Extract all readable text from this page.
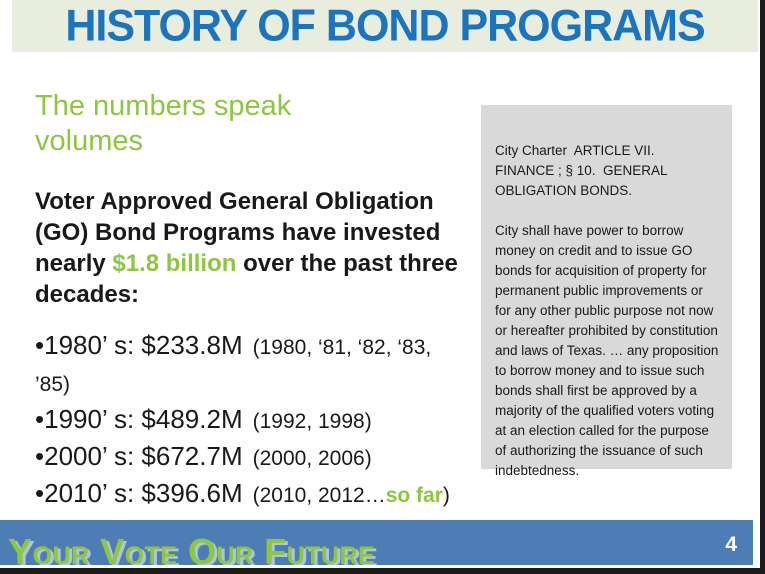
HISTORY OF BOND PROGRAMS
The numbers speak volumes
Voter Approved General Obligation
(GO) Bond Programs have invested
nearly $1.8 billion over the past three
decades:
•1980’ s: $233.8M (1980, ‘81, ‘82, ‘83, ’85)
•1990’ s: $489.2M (1992, 1998)
•2000’ s: $672.7M (2000, 2006)
•2010’ s: $396.6M (2010, 2012…so far)

City Charter  ARTICLE VII.  FINANCE ; § 10.  GENERAL OBLIGATION BONDS.

City shall have power to borrow money on credit and to issue GO bonds for acquisition of property for permanent public improvements or for any other public purpose not now or hereafter prohibited by constitution and laws of Texas. … any proposition to borrow money and to issue such bonds shall first be approved by a majority of the qualified voters voting at an election called for the purpose of authorizing the issuance of such indebtedness.

4
Your Vote Our Future
